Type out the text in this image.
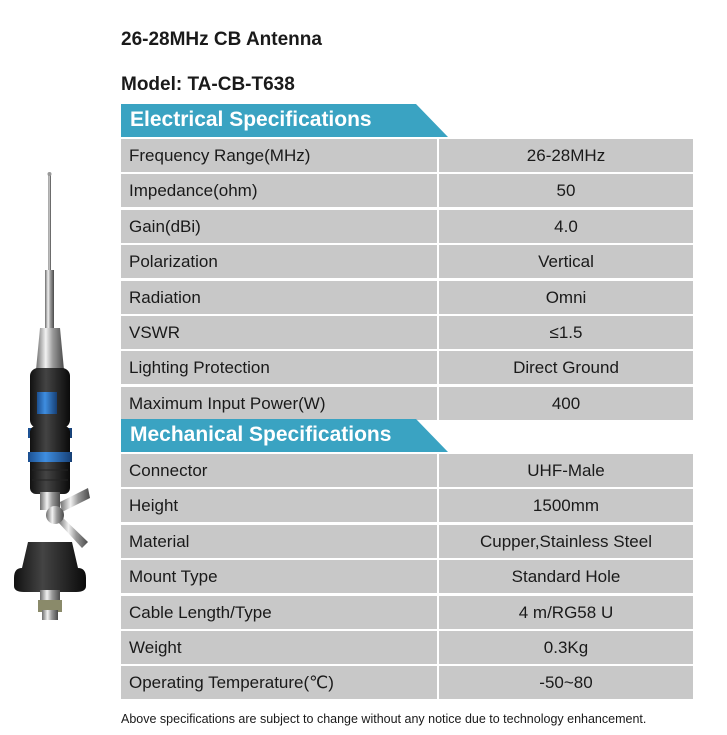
26-28MHz CB Antenna
Model: TA-CB-T638
Electrical Specifications
Frequency Range(MHz)	26-28MHz
Impedance(ohm)	50
Gain(dBi)	4.0
Polarization	Vertical
Radiation	Omni
VSWR	≤1.5
Lighting Protection	Direct Ground
Maximum Input Power(W)	400
Mechanical Specifications
Connector	UHF-Male
Height	1500mm
Material	Cupper,Stainless Steel
Mount Type	Standard Hole
Cable Length/Type	4 m/RG58 U
Weight	0.3Kg
Operating Temperature(℃)	-50~80
Above specifications are subject to change without any notice due to technology enhancement.
